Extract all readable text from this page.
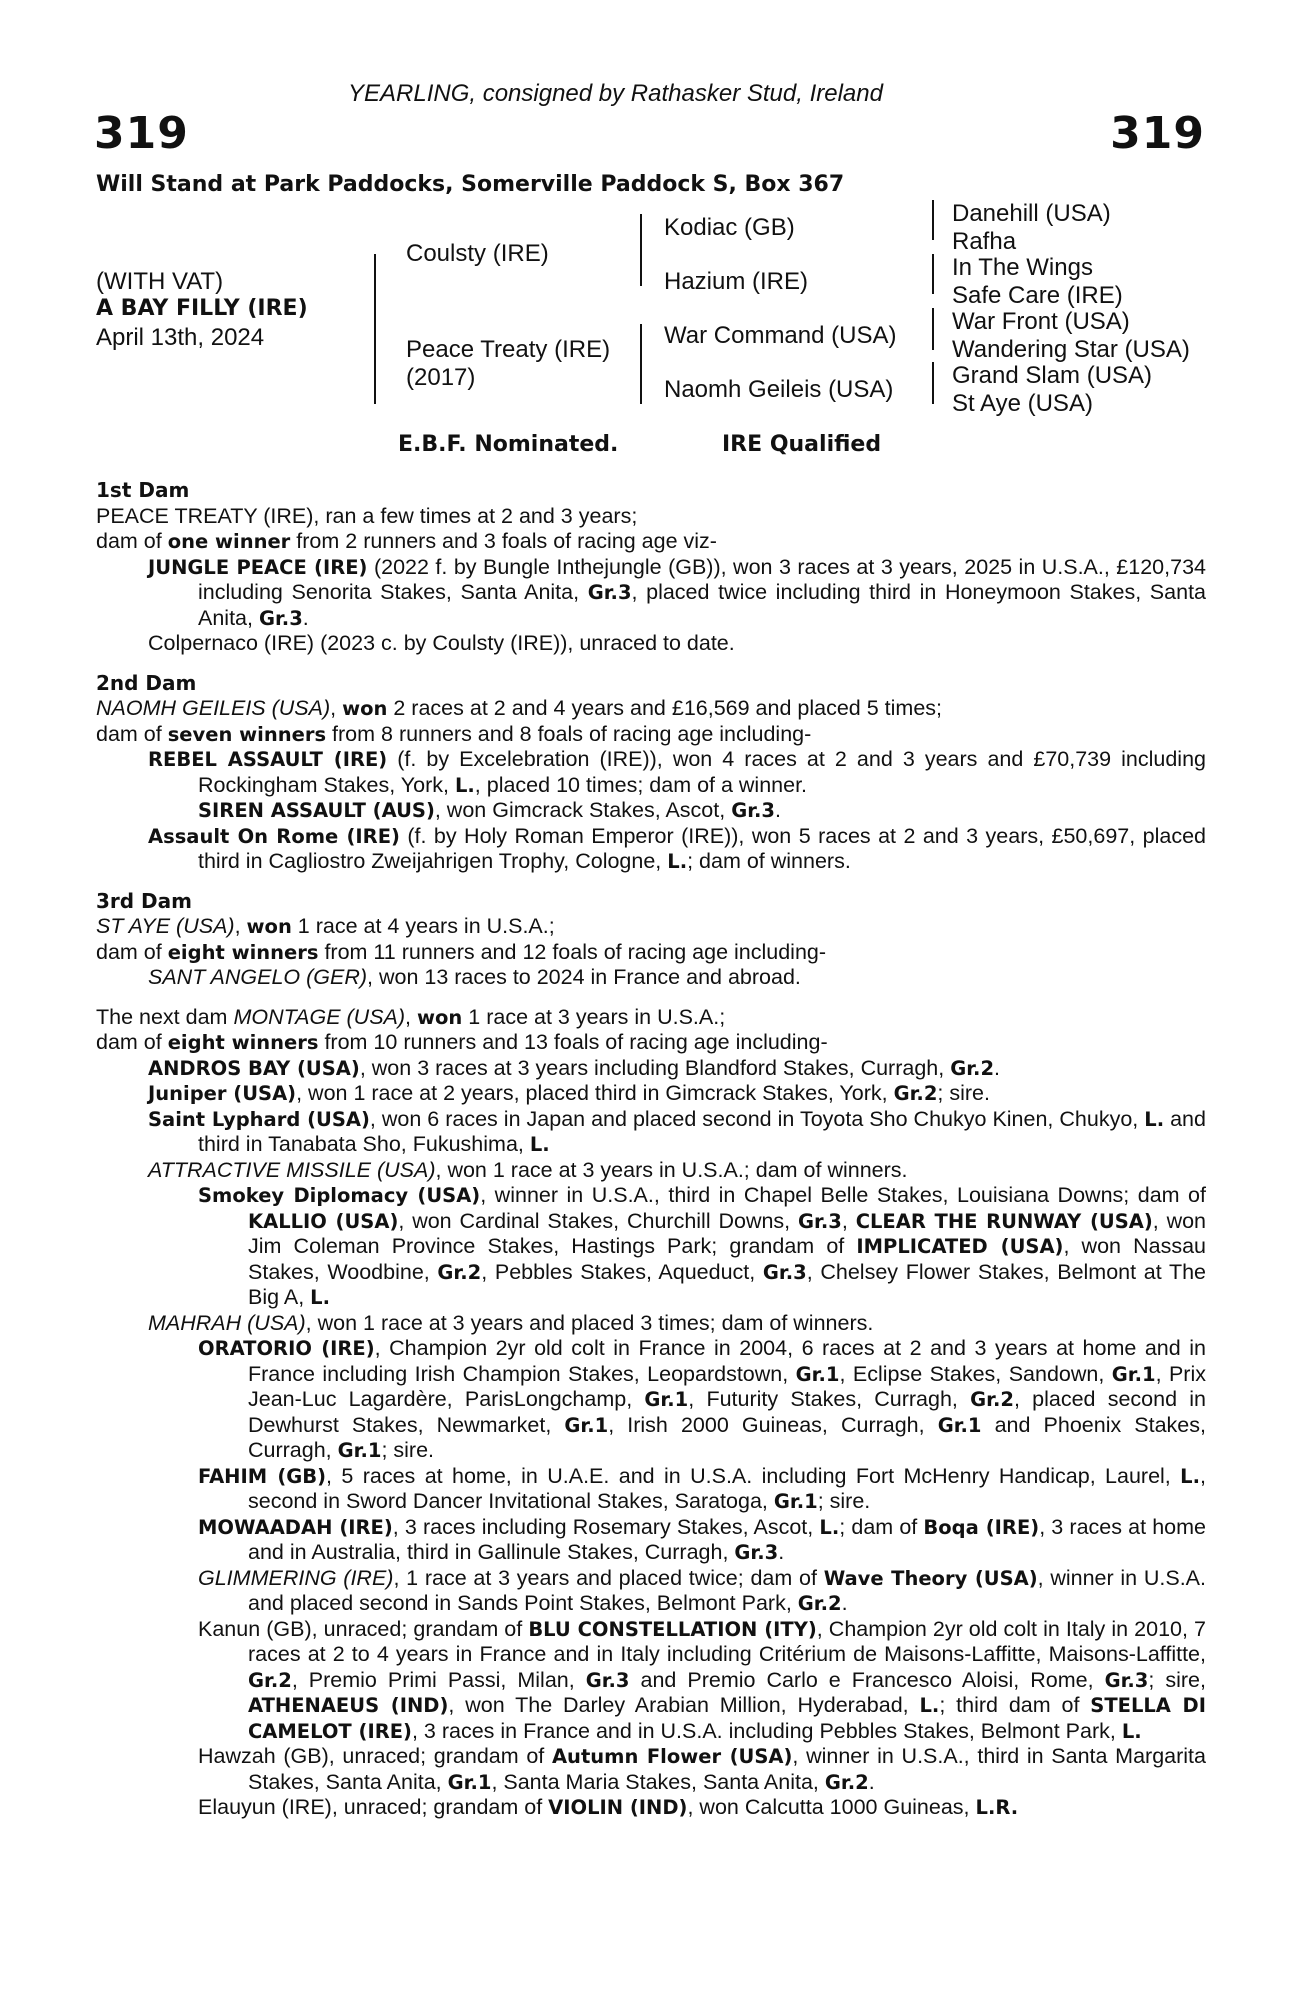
YEARLING, consigned by Rathasker Stud, Ireland
319	319
Will Stand at Park Paddocks, Somerville Paddock S, Box 367
(WITH VAT)
A BAY FILLY (IRE)
April 13th, 2024
Coulsty (IRE)
Peace Treaty (IRE)
(2017)
Kodiac (GB)
Hazium (IRE)
War Command (USA)
Naomh Geileis (USA)
Danehill (USA)
Rafha
In The Wings
Safe Care (IRE)
War Front (USA)
Wandering Star (USA)
Grand Slam (USA)
St Aye (USA)
E.B.F. Nominated.	IRE Qualified
1st Dam
PEACE TREATY (IRE), ran a few times at 2 and 3 years;
dam of one winner from 2 runners and 3 foals of racing age viz-
JUNGLE PEACE (IRE) (2022 f. by Bungle Inthejungle (GB)), won 3 races at 3 years, 2025 in U.S.A., £120,734 including Senorita Stakes, Santa Anita, Gr.3, placed twice including third in Honeymoon Stakes, Santa Anita, Gr.3.
Colpernaco (IRE) (2023 c. by Coulsty (IRE)), unraced to date.
2nd Dam
NAOMH GEILEIS (USA), won 2 races at 2 and 4 years and £16,569 and placed 5 times;
dam of seven winners from 8 runners and 8 foals of racing age including-
REBEL ASSAULT (IRE) (f. by Excelebration (IRE)), won 4 races at 2 and 3 years and £70,739 including Rockingham Stakes, York, L., placed 10 times; dam of a winner.
SIREN ASSAULT (AUS), won Gimcrack Stakes, Ascot, Gr.3.
Assault On Rome (IRE) (f. by Holy Roman Emperor (IRE)), won 5 races at 2 and 3 years, £50,697, placed third in Cagliostro Zweijahrigen Trophy, Cologne, L.; dam of winners.
3rd Dam
ST AYE (USA), won 1 race at 4 years in U.S.A.;
dam of eight winners from 11 runners and 12 foals of racing age including-
SANT ANGELO (GER), won 13 races to 2024 in France and abroad.
The next dam MONTAGE (USA), won 1 race at 3 years in U.S.A.;
dam of eight winners from 10 runners and 13 foals of racing age including-
ANDROS BAY (USA), won 3 races at 3 years including Blandford Stakes, Curragh, Gr.2.
Juniper (USA), won 1 race at 2 years, placed third in Gimcrack Stakes, York, Gr.2; sire.
Saint Lyphard (USA), won 6 races in Japan and placed second in Toyota Sho Chukyo Kinen, Chukyo, L. and third in Tanabata Sho, Fukushima, L.
ATTRACTIVE MISSILE (USA), won 1 race at 3 years in U.S.A.; dam of winners.
Smokey Diplomacy (USA), winner in U.S.A., third in Chapel Belle Stakes, Louisiana Downs; dam of KALLIO (USA), won Cardinal Stakes, Churchill Downs, Gr.3, CLEAR THE RUNWAY (USA), won Jim Coleman Province Stakes, Hastings Park; grandam of IMPLICATED (USA), won Nassau Stakes, Woodbine, Gr.2, Pebbles Stakes, Aqueduct, Gr.3, Chelsey Flower Stakes, Belmont at The Big A, L.
MAHRAH (USA), won 1 race at 3 years and placed 3 times; dam of winners.
ORATORIO (IRE), Champion 2yr old colt in France in 2004, 6 races at 2 and 3 years at home and in France including Irish Champion Stakes, Leopardstown, Gr.1, Eclipse Stakes, Sandown, Gr.1, Prix Jean-Luc Lagardère, ParisLongchamp, Gr.1, Futurity Stakes, Curragh, Gr.2, placed second in Dewhurst Stakes, Newmarket, Gr.1, Irish 2000 Guineas, Curragh, Gr.1 and Phoenix Stakes, Curragh, Gr.1; sire.
FAHIM (GB), 5 races at home, in U.A.E. and in U.S.A. including Fort McHenry Handicap, Laurel, L., second in Sword Dancer Invitational Stakes, Saratoga, Gr.1; sire.
MOWAADAH (IRE), 3 races including Rosemary Stakes, Ascot, L.; dam of Boqa (IRE), 3 races at home and in Australia, third in Gallinule Stakes, Curragh, Gr.3.
GLIMMERING (IRE), 1 race at 3 years and placed twice; dam of Wave Theory (USA), winner in U.S.A. and placed second in Sands Point Stakes, Belmont Park, Gr.2.
Kanun (GB), unraced; grandam of BLU CONSTELLATION (ITY), Champion 2yr old colt in Italy in 2010, 7 races at 2 to 4 years in France and in Italy including Critérium de Maisons-Laffitte, Maisons-Laffitte, Gr.2, Premio Primi Passi, Milan, Gr.3 and Premio Carlo e Francesco Aloisi, Rome, Gr.3; sire, ATHENAEUS (IND), won The Darley Arabian Million, Hyderabad, L.; third dam of STELLA DI CAMELOT (IRE), 3 races in France and in U.S.A. including Pebbles Stakes, Belmont Park, L.
Hawzah (GB), unraced; grandam of Autumn Flower (USA), winner in U.S.A., third in Santa Margarita Stakes, Santa Anita, Gr.1, Santa Maria Stakes, Santa Anita, Gr.2.
Elauyun (IRE), unraced; grandam of VIOLIN (IND), won Calcutta 1000 Guineas, L.R.
